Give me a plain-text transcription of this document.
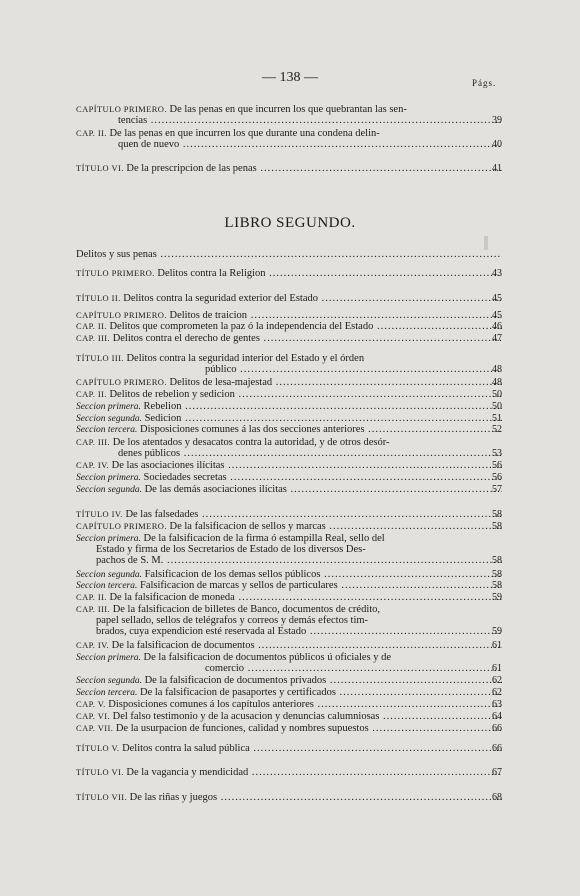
— 138 —	Págs.
CAPÍTULO PRIMERO. De las penas en que incurren los que quebrantan las sen-
tencias .....	39
CAP. II. De las penas en que incurren los que durante una condena delin-
quen de nuevo .....	40
TÍTULO VI. De la prescripcion de las penas .....	41
LIBRO SEGUNDO.
Delitos y sus penas .....
TÍTULO PRIMERO. Delitos contra la Religion .....	43
TÍTULO II. Delitos contra la seguridad exterior del Estado .....	45
CAPÍTULO PRIMERO. Delitos de traicion .....	45
CAP. II. Delitos que comprometen la paz ó la independencia del Estado .....	46
CAP. III. Delitos contra el derecho de gentes .....	47
TÍTULO III. Delitos contra la seguridad interior del Estado y el órden
público .....	48
CAPÍTULO PRIMERO. Delitos de lesa-majestad .....	48
CAP. II. Delitos de rebelion y sedicion .....	50
Seccion primera. Rebelion .....	50
Seccion segunda. Sedicion .....	51
Seccion tercera. Disposiciones comunes á las dos secciones anteriores .....	52
CAP. III. De los atentados y desacatos contra la autoridad, y de otros desór-
denes públicos .....	53
CAP. IV. De las asociaciones ilícitas .....	56
Seccion primera. Sociedades secretas .....	56
Seccion segunda. De las demás asociaciones ilícitas .....	57
TÍTULO IV. De las falsedades .....	58
CAPÍTULO PRIMERO. De la falsificacion de sellos y marcas .....	58
Seccion primera. De la falsificacion de la firma ó estampilla Real, sello del
Estado y firma de los Secretarios de Estado de los diversos Des-
pachos de S. M. .....	58
Seccion segunda. Falsificacion de los demas sellos públicos .....	58
Seccion tercera. Falsificacion de marcas y sellos de particulares .....	58
CAP. II. De la falsificacion de moneda .....	59
CAP. III. De la falsificacion de billetes de Banco, documentos de crédito,
papel sellado, sellos de telégrafos y correos y demás efectos tim-
brados, cuya expendicion esté reservada al Estado .....	59
CAP. IV. De la falsificacion de documentos .....	61
Seccion primera. De la falsificacion de documentos públicos ú oficiales y de
comercio .....	61
Seccion segunda. De la falsificacion de documentos privados .....	62
Seccion tercera. De la falsificacion de pasaportes y certificados .....	62
CAP. V. Disposiciones comunes á los capítulos anteriores .....	63
CAP. VI. Del falso testimonio y de la acusacion y denuncias calumniosas .....	64
CAP. VII. De la usurpacion de funciones, calidad y nombres supuestos .....	66
TÍTULO V. Delitos contra la salud pública .....	66
TÍTULO VI. De la vagancia y mendicidad .....	67
TÍTULO VII. De las riñas y juegos .....	68
